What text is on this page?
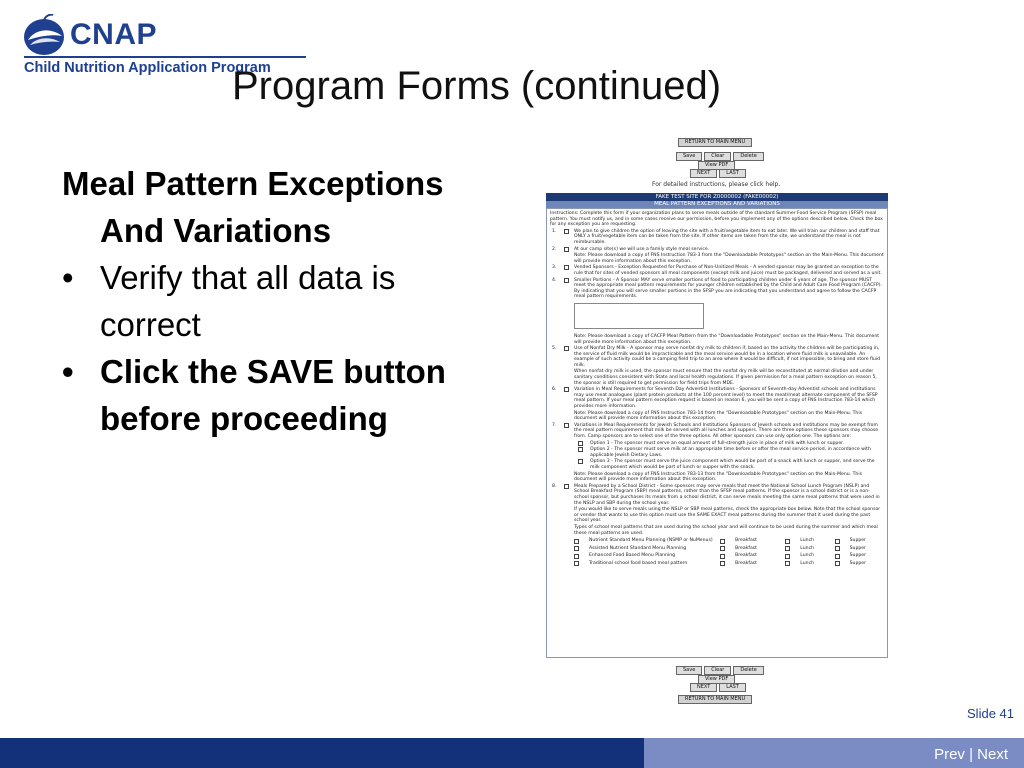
CNAP
Child Nutrition Application Program
Program Forms (continued)
Meal Pattern Exceptions And Variations
• Verify that all data is correct
• Click the SAVE button before proceeding
RETURN TO MAIN MENU
Save	Clear	Delete
View PDF
NEXT	LAST
For detailed instructions, please click help.
FAKE TEST SITE FOR Z0000002 (FAKE00002)
MEAL PATTERN EXCEPTIONS AND VARIATIONS
Instructions: Complete this form if your organization plans to serve meals outside of the standard Summer Food Service Program (SFSP) meal pattern. You must notify us, and in some cases receive our permission, before you implement any of the options described below. Check the box for any exception you are requesting.
1.	We plan to give children the option of leaving the site with a fruit/vegetable item to eat later. We will train our children and staff that ONLY a fruit/vegetable item can be taken from the site. If other items are taken from the site, we understand the meal is not reimbursable.
2.	At our camp site(s) we will use a family style meal service.
Note: Please download a copy of FNS Instruction 783-3 from the "Downloadable Prototypes" section on the Main-Menu. This document will provide more information about this exception.
3.	Vended Sponsors - Exception Requested for Purchase of Non-Unitized Meals - A vended sponsor may be granted an exception to the rule that for sites of vended sponsors all meal components (except milk and juice) must be packaged, delivered and served as a unit.
4.	Smaller Portions - A Sponsor MAY serve smaller portions of food to participating children under 6 years of age. The sponsor MUST meet the appropriate meal pattern requirements for younger children established by the Child and Adult Care Food Program (CACFP). By indicating that you will serve smaller portions in the SFSP you are indicating that you understand and agree to follow the CACFP meal pattern requirements.
Note: Please download a copy of CACFP Meal Pattern from the "Downloadable Prototypes" section on the Main-Menu. This document will provide more information about this exception.
5.	Use of Nonfat Dry Milk - A sponsor may serve nonfat dry milk to children if, based on the activity the children will be participating in, the service of fluid milk would be impracticable and the meal service would be in a location where fluid milk is unavailable. An example of such activity could be a camping field trip to an area where it would be difficult, if not impossible, to bring and store fluid milk.
When nonfat dry milk is used, the sponsor must ensure that the nonfat dry milk will be reconstituted at normal dilution and under sanitary conditions consistent with State and local health regulations. If given permission for a meal pattern exception on reason 5, the sponsor is still required to get permission for field trips from MDE.
6.	Variation in Meal Requirements for Seventh Day Adventist Institutions - Sponsors of Seventh-day Adventist schools and institutions may use meat analogues (plant protein products at the 100 percent level) to meet the meat/meat alternate component of the SFSP meal pattern. If your meal pattern exception request is based on reason 6, you will be sent a copy of FNS Instruction 783-14 which provides more information.
Note: Please download a copy of FNS Instruction 783-14 from the "Downloadable Prototypes" section on the Main-Menu. This document will provide more information about this exception.
7.	Variations in Meal Requirements for Jewish Schools and Institutions Sponsors of Jewish schools and institutions may be exempt from the meal pattern requirement that milk be served with all lunches and suppers. There are three options these sponsors may choose from. Camp sponsors are to select one of the three options. All other sponsors can use only option one. The options are:
Option 1 - The sponsor must serve an equal amount of full-strength juice in place of milk with lunch or supper.
Option 2 - The sponsor must serve milk at an appropriate time before or after the meal service period, in accordance with applicable Jewish Dietary Laws.
Option 3 - The sponsor must serve the juice component which would be part of a snack with lunch or supper, and serve the milk component which would be part of lunch or supper with the snack.
Note: Please download a copy of FNS Instruction 783-13 from the "Downloadable Prototypes" section on the Main-Menu. This document will provide more information about this exception.
8.	Meals Prepared by a School District - Some sponsors may serve meals that meet the National School Lunch Program (NSLP) and School Breakfast Program (SBP) meal patterns, rather than the SFSP meal patterns. If the sponsor is a school district or is a non-school sponsor, but purchases its meals from a school district, it can serve meals meeting the same meal patterns that were used in the NSLP and SBP during the school year.
If you would like to serve meals using the NSLP or SBP meal patterns, check the appropriate box below. Note that the school sponsor or vendor that wants to use this option must use the SAME EXACT meal patterns during the summer that it used during the past school year.
Types of school meal patterns that are used during the school year and will continue to be used during the summer and which meal these meal patterns are used.
Nutrient Standard Menu Planning (NSMP or NuMenus)	Breakfast	Lunch	Supper
Assisted Nutrient Standard Menu Planning	Breakfast	Lunch	Supper
Enhanced Food Based Menu Planning	Breakfast	Lunch	Supper
Traditional school food based meal pattern	Breakfast	Lunch	Supper
Save	Clear	Delete
View PDF
NEXT	LAST
RETURN TO MAIN MENU
Slide 41
Prev | Next
